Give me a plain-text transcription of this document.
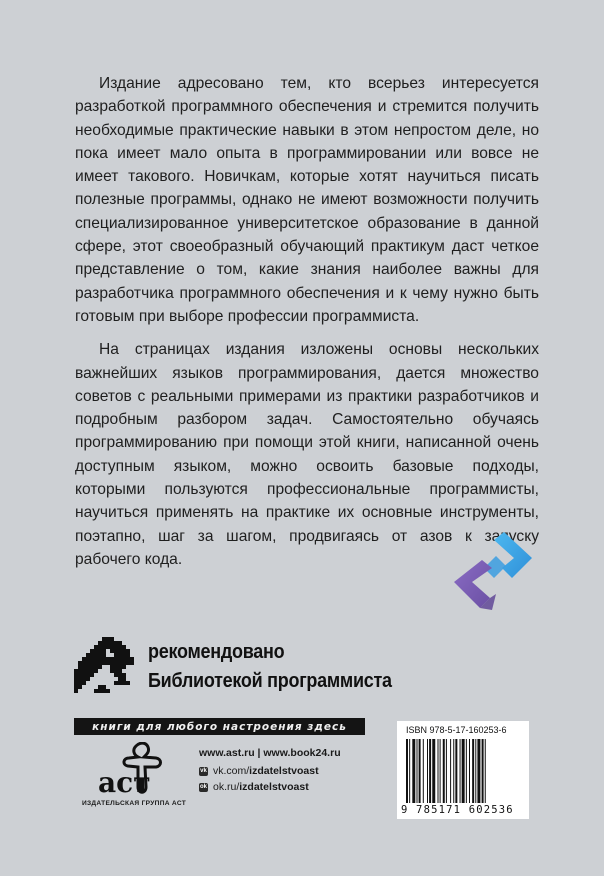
Издание адресовано тем, кто всерьез интересуется разработкой программного обеспечения и стремится получить необходимые практические навыки в этом непростом деле, но пока имеет мало опыта в программировании или вовсе не имеет такового. Новичкам, которые хотят научиться писать полезные программы, однако не имеют возможности получить специализированное университетское образование в данной сфере, этот своеобразный обучающий практикум даст четкое представление о том, какие знания наиболее важны для разработчика программного обеспечения и к чему нужно быть готовым при выборе профессии программиста.

На страницах издания изложены основы нескольких важнейших языков программирования, дается множество советов с реальными примерами из практики разработчиков и подробным разбором задач. Самостоятельно обучаясь программированию при помощи этой книги, написанной очень доступным языком, можно освоить базовые подходы, которыми пользуются профессиональные программисты, научиться применять на практике их основные инструменты, поэтапно, шаг за шагом, продвигаясь от азов к запуску рабочего кода.

рекомендовано
Библиотекой программиста
книги для любого настроения здесь
аст
ИЗДАТЕЛЬСКАЯ ГРУППА АСТ
www.ast.ru | www.book24.ru
vk vk.com/ izdatelstvoast
ok ok.ru/ izdatelstvoast
ISBN 978-5-17-160253-6
9 785171 602536
